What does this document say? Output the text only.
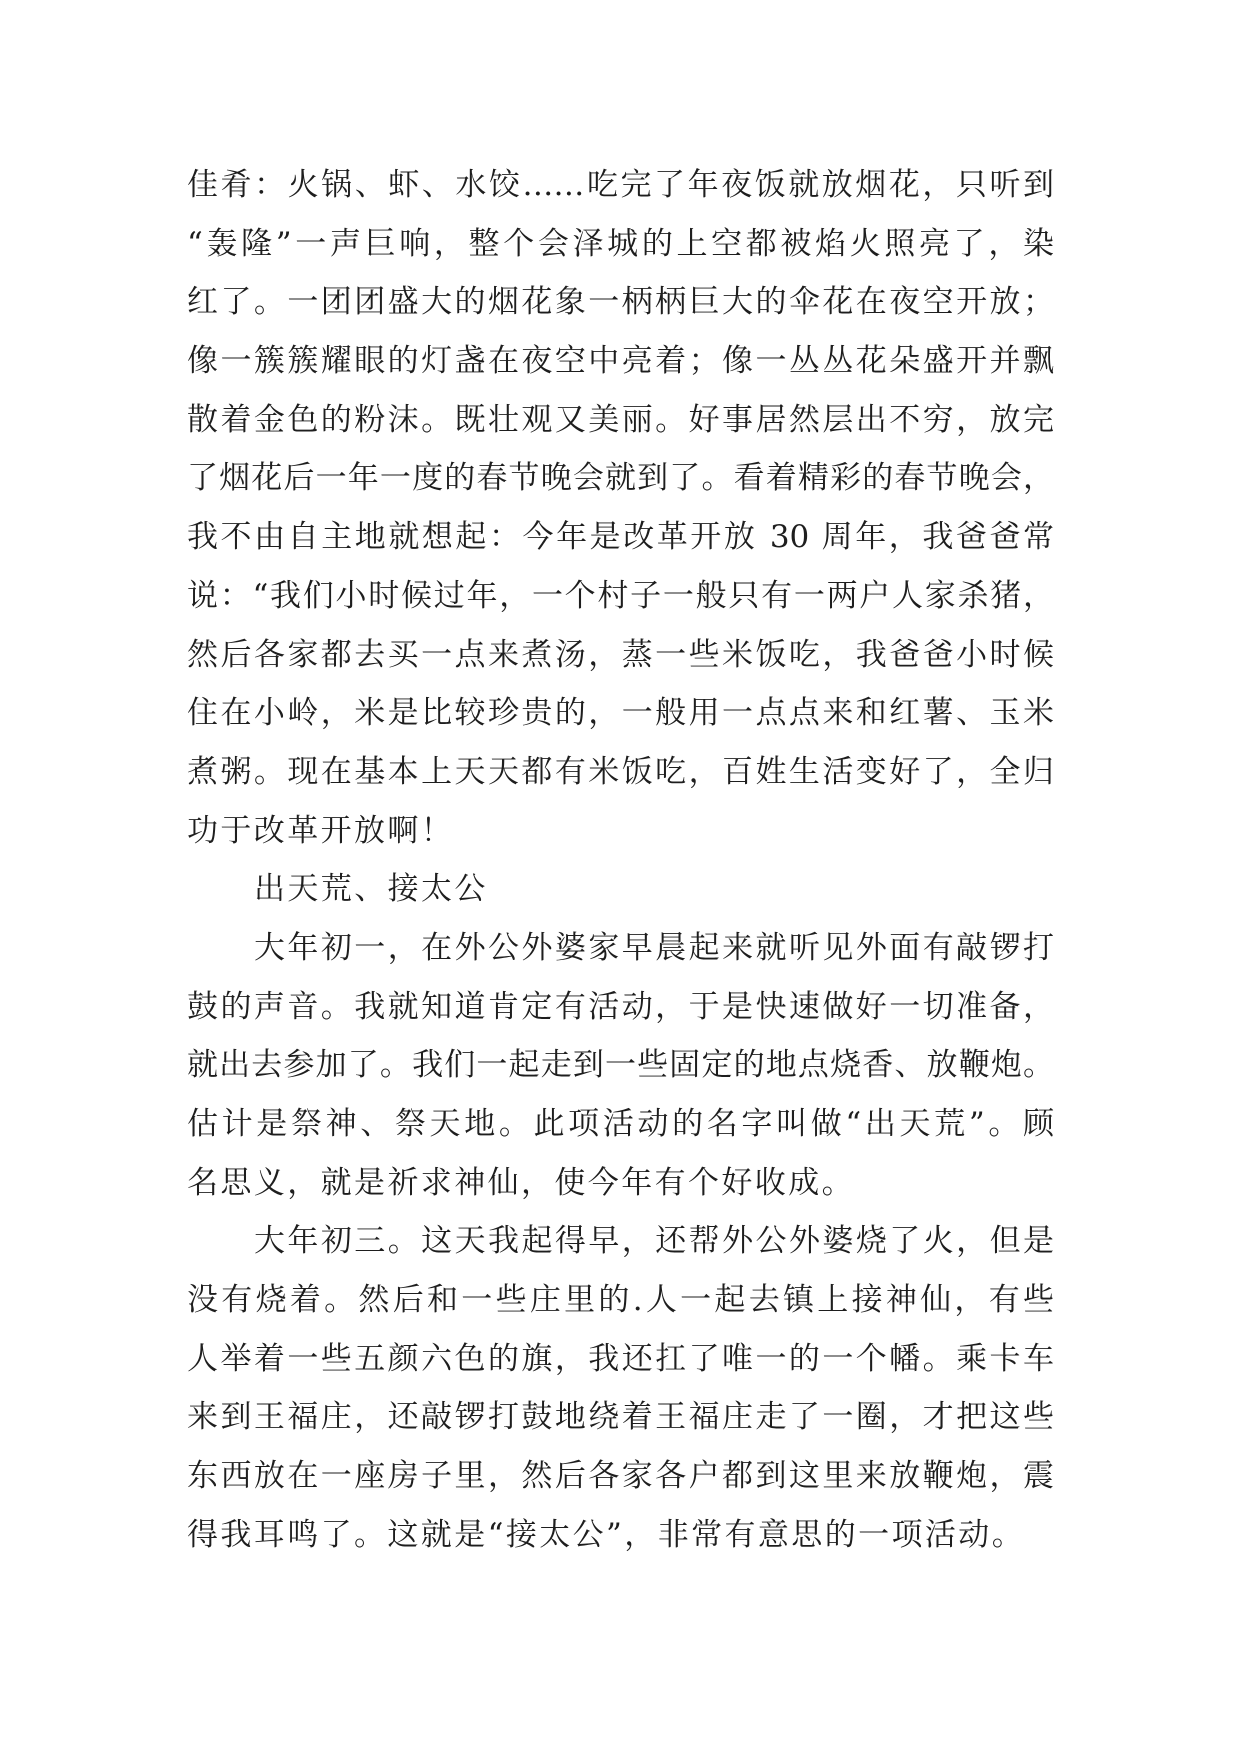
佳肴：火锅、虾、水饺……吃完了年夜饭就放烟花，只听到
“轰隆”一声巨响，整个会泽城的上空都被焰火照亮了，染
红了。一团团盛大的烟花象一柄柄巨大的伞花在夜空开放；
像一簇簇耀眼的灯盏在夜空中亮着；像一丛丛花朵盛开并飘
散着金色的粉沫。既壮观又美丽。好事居然层出不穷，放完
了烟花后一年一度的春节晚会就到了。看着精彩的春节晚会，
我不由自主地就想起：今年是改革开放 30 周年，我爸爸常
说：“我们小时候过年，一个村子一般只有一两户人家杀猪，
然后各家都去买一点来煮汤，蒸一些米饭吃，我爸爸小时候
住在小岭，米是比较珍贵的，一般用一点点来和红薯、玉米
煮粥。现在基本上天天都有米饭吃，百姓生活变好了，全归
功于改革开放啊！
出天荒、接太公
大年初一，在外公外婆家早晨起来就听见外面有敲锣打
鼓的声音。我就知道肯定有活动，于是快速做好一切准备，
就出去参加了。我们一起走到一些固定的地点烧香、放鞭炮。
估计是祭神、祭天地。此项活动的名字叫做“出天荒”。顾
名思义，就是祈求神仙，使今年有个好收成。
大年初三。这天我起得早，还帮外公外婆烧了火，但是
没有烧着。然后和一些庄里的.人一起去镇上接神仙，有些
人举着一些五颜六色的旗，我还扛了唯一的一个幡。乘卡车
来到王福庄，还敲锣打鼓地绕着王福庄走了一圈，才把这些
东西放在一座房子里，然后各家各户都到这里来放鞭炮，震
得我耳鸣了。这就是“接太公”，非常有意思的一项活动。
